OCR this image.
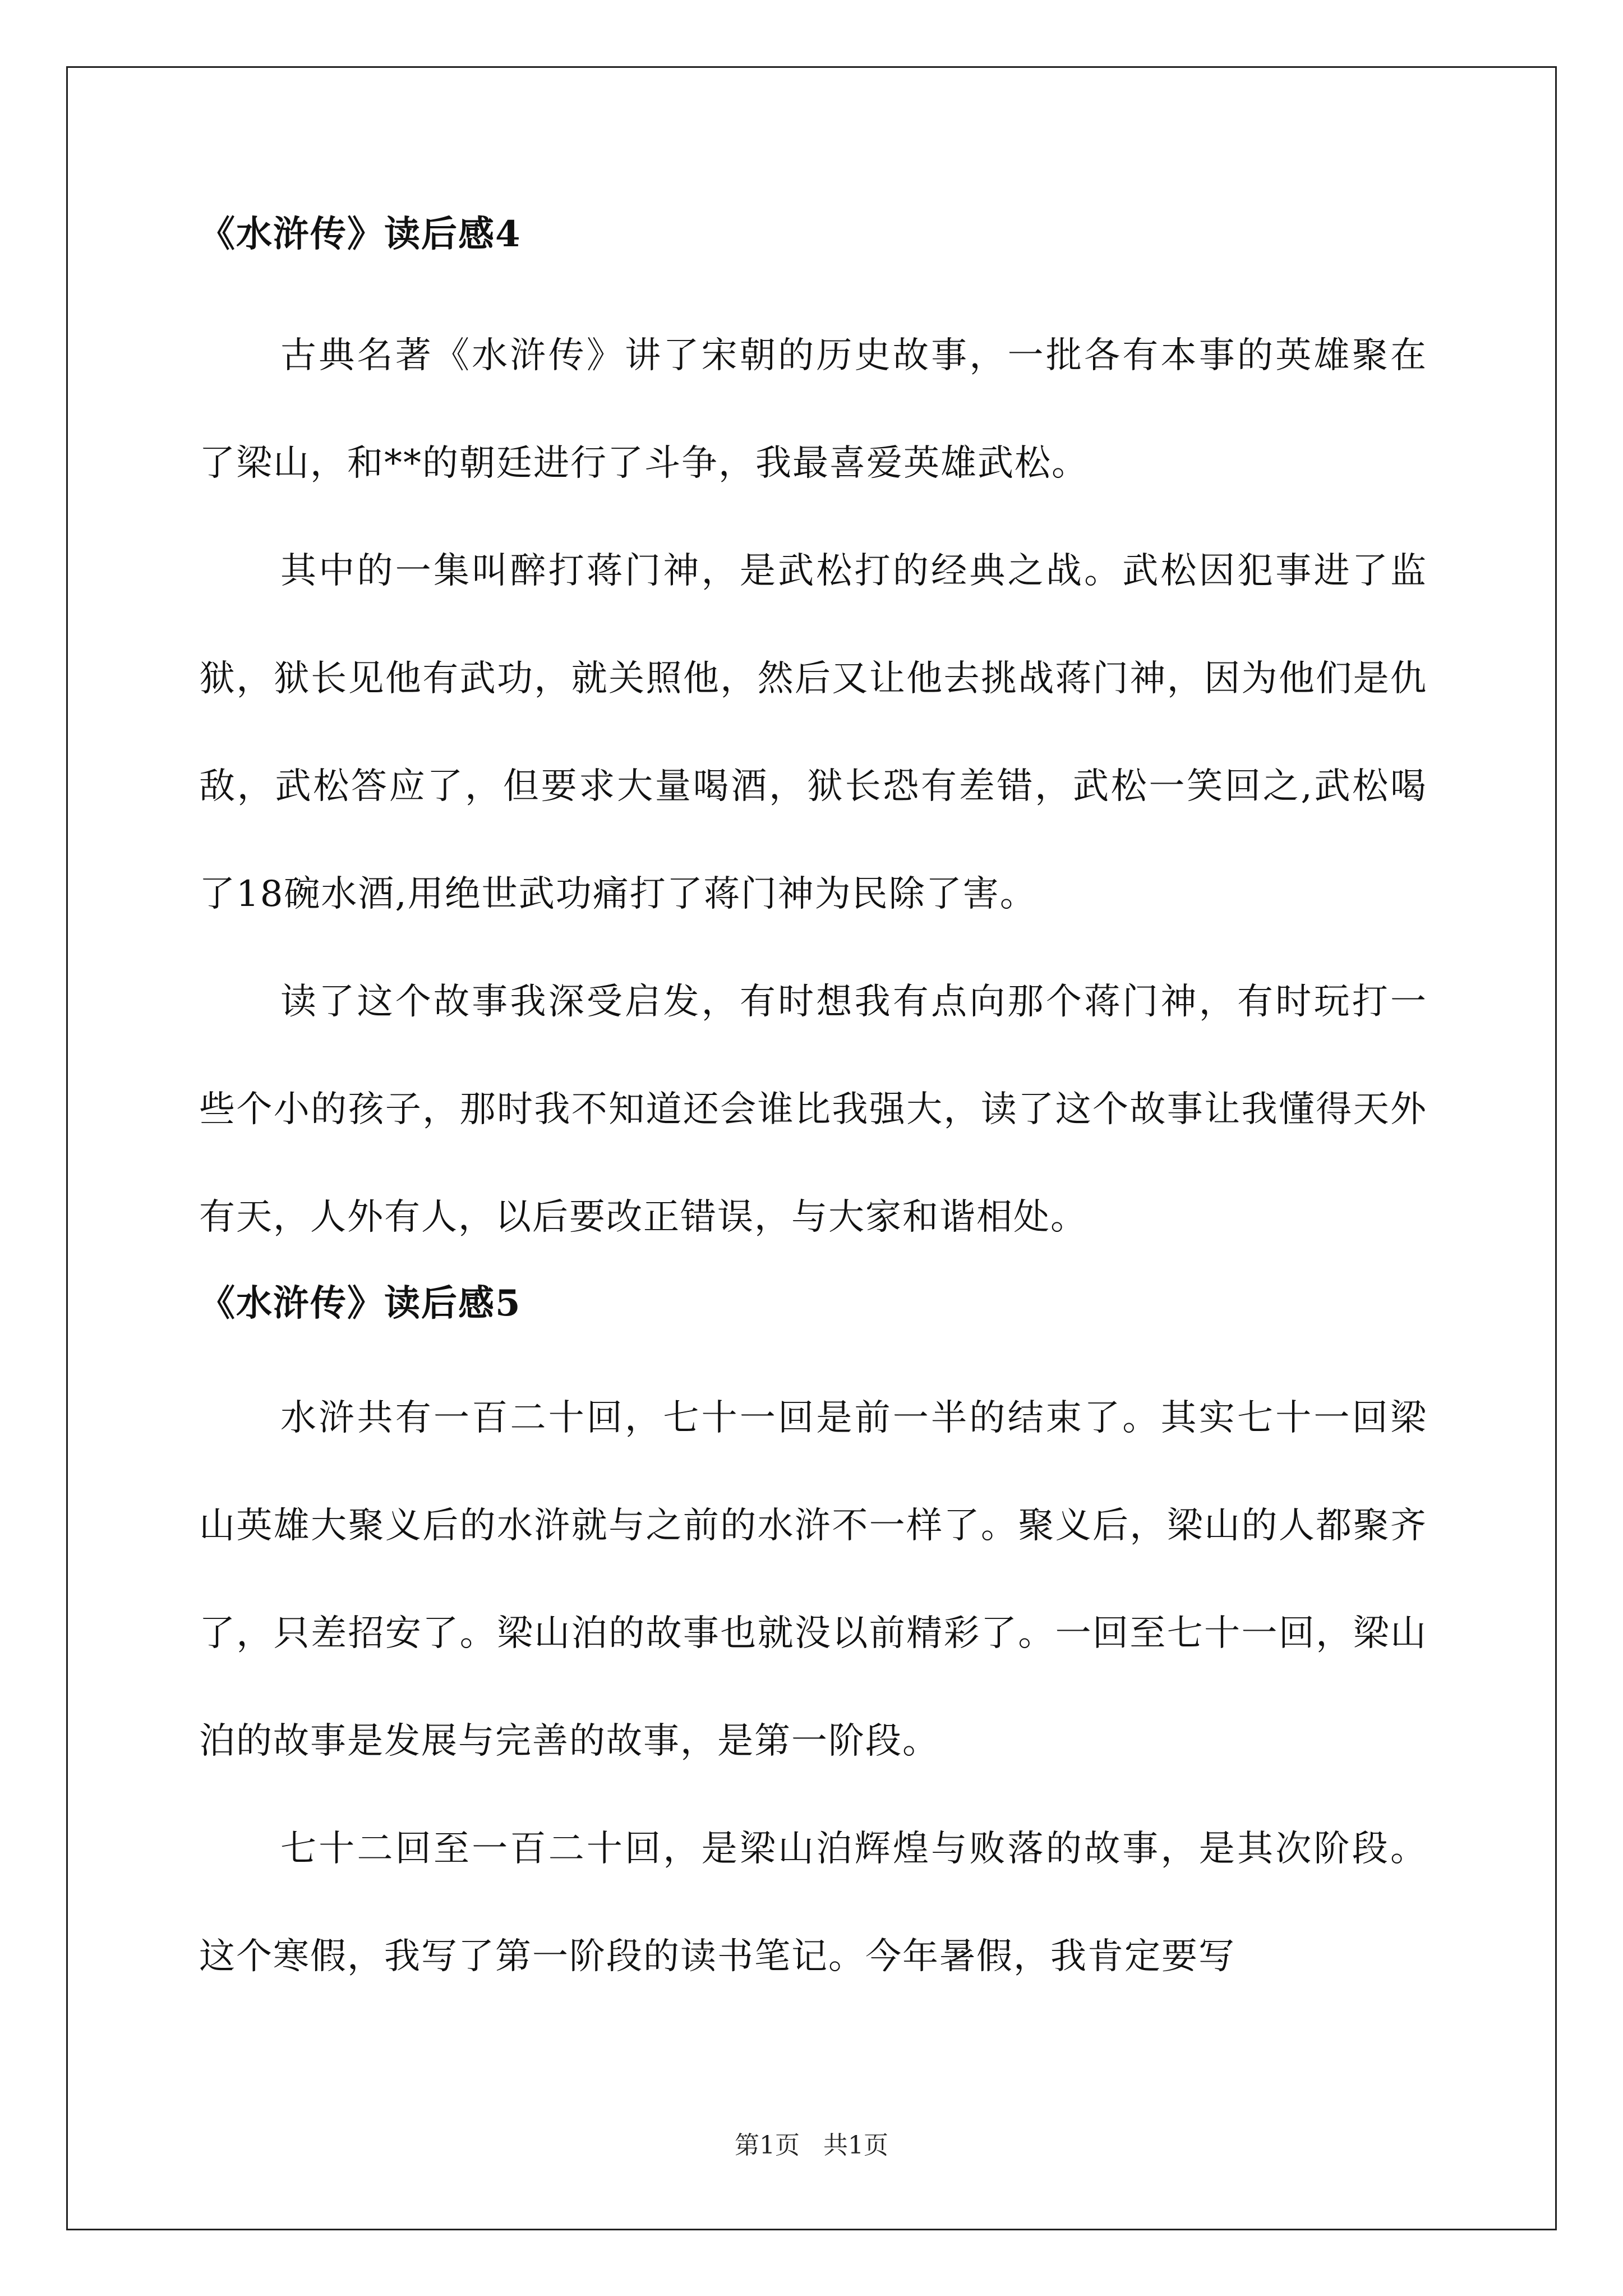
《水浒传》读后感4

古典名著《水浒传》讲了宋朝的历史故事，一批各有本事的英雄聚在了梁山，和**的朝廷进行了斗争，我最喜爱英雄武松。

其中的一集叫醉打蒋门神，是武松打的经典之战。武松因犯事进了监狱，狱长见他有武功，就关照他，然后又让他去挑战蒋门神，因为他们是仇敌，武松答应了，但要求大量喝酒，狱长恐有差错，武松一笑回之,武松喝了18碗水酒,用绝世武功痛打了蒋门神为民除了害。

读了这个故事我深受启发，有时想我有点向那个蒋门神，有时玩打一些个小的孩子，那时我不知道还会谁比我强大，读了这个故事让我懂得天外有天，人外有人，以后要改正错误，与大家和谐相处。

《水浒传》读后感5

水浒共有一百二十回，七十一回是前一半的结束了。其实七十一回梁山英雄大聚义后的水浒就与之前的水浒不一样了。聚义后，梁山的人都聚齐了，只差招安了。梁山泊的故事也就没以前精彩了。一回至七十一回，梁山泊的故事是发展与完善的故事，是第一阶段。

七十二回至一百二十回，是梁山泊辉煌与败落的故事，是其次阶段。这个寒假，我写了第一阶段的读书笔记。今年暑假，我肯定要写

第1页   共1页
